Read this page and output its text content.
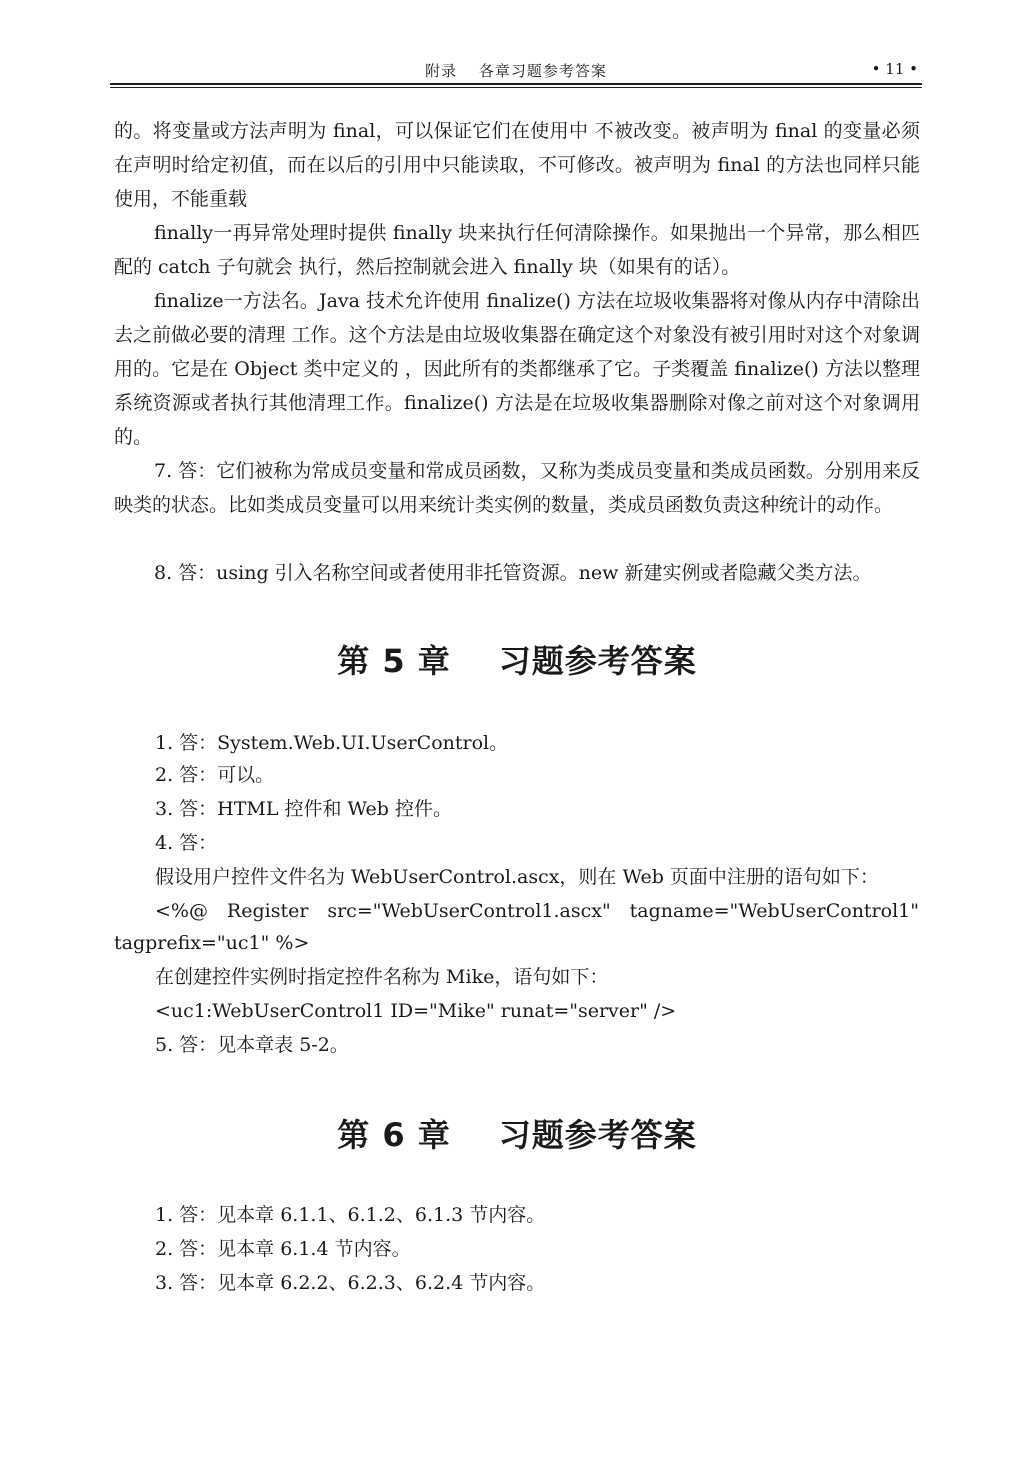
附录　 各章习题参考答案	• 11 •
的。将变量或方法声明为 final，可以保证它们在使用中 不被改变。被声明为 final 的变量必须在声明时给定初值，而在以后的引用中只能读取，不可修改。被声明为 final 的方法也同样只能使用，不能重载
finally一再异常处理时提供 finally 块来执行任何清除操作。如果抛出一个异常，那么相匹配的 catch 子句就会 执行，然后控制就会进入 finally 块（如果有的话）。
finalize一方法名。Java 技术允许使用 finalize() 方法在垃圾收集器将对像从内存中清除出去之前做必要的清理 工作。这个方法是由垃圾收集器在确定这个对象没有被引用时对这个对象调用的。它是在 Object 类中定义的 ，因此所有的类都继承了它。子类覆盖 finalize() 方法以整理系统资源或者执行其他清理工作。finalize() 方法是在垃圾收集器删除对像之前对这个对象调用的。
7. 答：它们被称为常成员变量和常成员函数，又称为类成员变量和类成员函数。分别用来反映类的状态。比如类成员变量可以用来统计类实例的数量，类成员函数负责这种统计的动作。
8. 答：using 引入名称空间或者使用非托管资源。new 新建实例或者隐藏父类方法。
第 5 章 习题参考答案
1. 答：System.Web.UI.UserControl。
2. 答：可以。
3. 答：HTML 控件和 Web 控件。
4. 答：
假设用户控件文件名为 WebUserControl.ascx，则在 Web 页面中注册的语句如下：
<%@ Register src="WebUserControl1.ascx" tagname="WebUserControl1"
tagprefix="uc1" %>
在创建控件实例时指定控件名称为 Mike，语句如下：
<uc1:WebUserControl1 ID="Mike" runat="server" />
5. 答：见本章表 5-2。
第 6 章 习题参考答案
1. 答：见本章 6.1.1、6.1.2、6.1.3 节内容。
2. 答：见本章 6.1.4 节内容。
3. 答：见本章 6.2.2、6.2.3、6.2.4 节内容。
